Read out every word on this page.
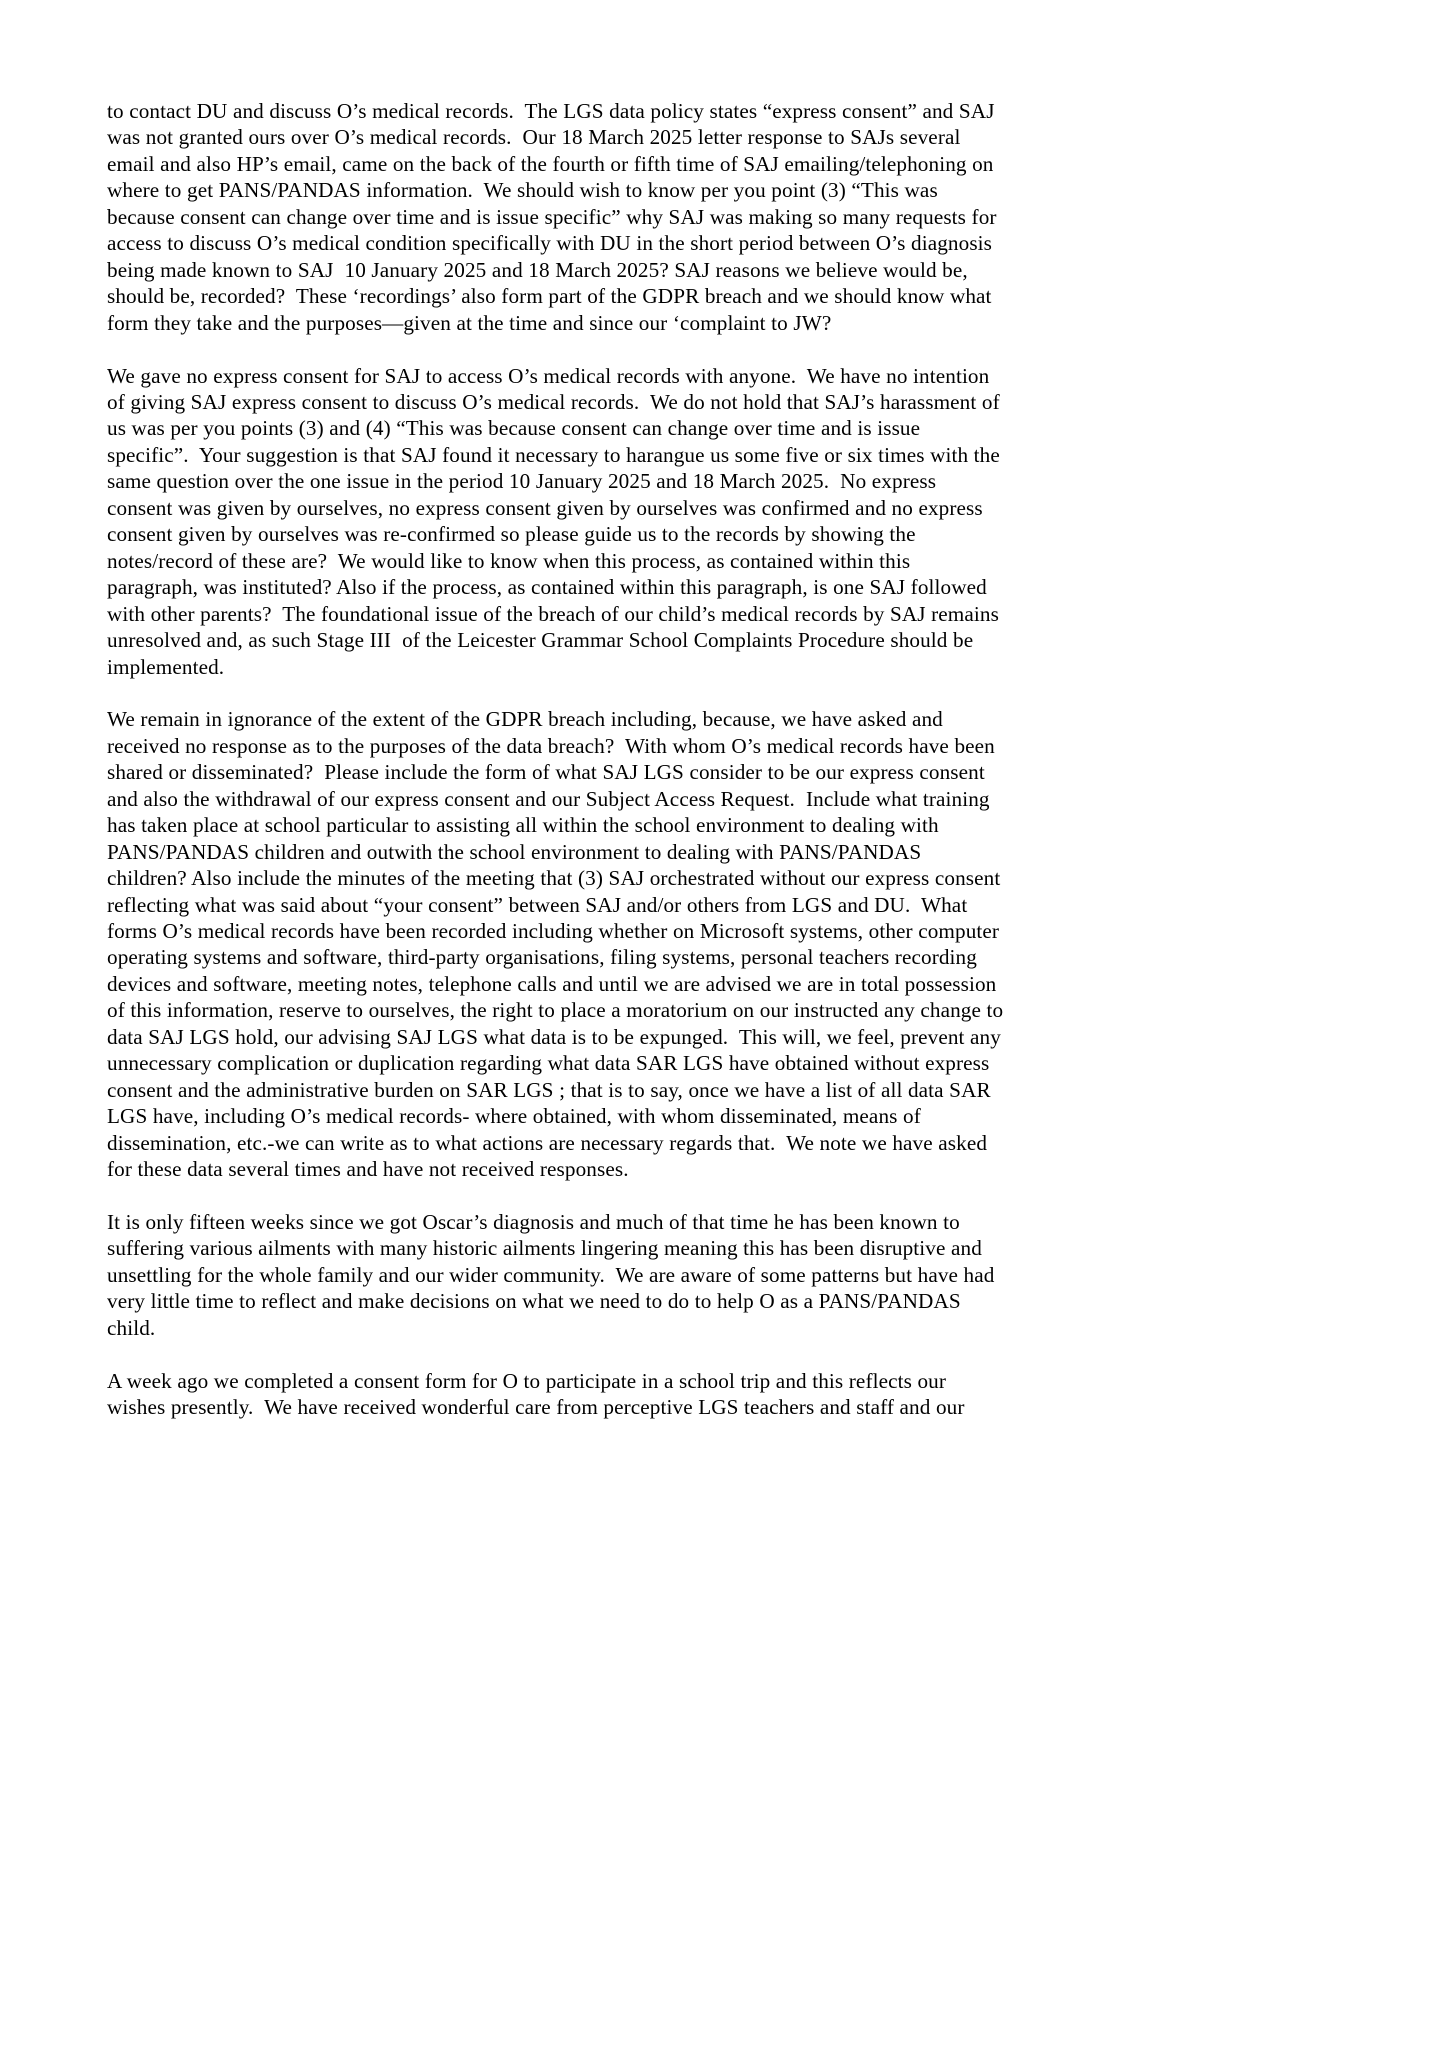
to contact DU and discuss O’s medical records.  The LGS data policy states “express consent” and SAJ was not granted ours over O’s medical records.  Our 18 March 2025 letter response to SAJs several email and also HP’s email, came on the back of the fourth or fifth time of SAJ emailing/telephoning on where to get PANS/PANDAS information.  We should wish to know per you point (3) “This was because consent can change over time and is issue specific” why SAJ was making so many requests for access to discuss O’s medical condition specifically with DU in the short period between O’s diagnosis being made known to SAJ  10 January 2025 and 18 March 2025? SAJ reasons we believe would be, should be, recorded?  These ‘recordings’ also form part of the GDPR breach and we should know what form they take and the purposes—given at the time and since our ‘complaint to JW?

We gave no express consent for SAJ to access O’s medical records with anyone.  We have no intention of giving SAJ express consent to discuss O’s medical records.  We do not hold that SAJ’s harassment of us was per you points (3) and (4) “This was because consent can change over time and is issue specific”.  Your suggestion is that SAJ found it necessary to harangue us some five or six times with the same question over the one issue in the period 10 January 2025 and 18 March 2025.  No express consent was given by ourselves, no express consent given by ourselves was confirmed and no express consent given by ourselves was re-confirmed so please guide us to the records by showing the notes/record of these are?  We would like to know when this process, as contained within this paragraph, was instituted? Also if the process, as contained within this paragraph, is one SAJ followed with other parents?  The foundational issue of the breach of our child’s medical records by SAJ remains unresolved and, as such Stage III  of the Leicester Grammar School Complaints Procedure should be implemented.

We remain in ignorance of the extent of the GDPR breach including, because, we have asked and received no response as to the purposes of the data breach?  With whom O’s medical records have been shared or disseminated?  Please include the form of what SAJ LGS consider to be our express consent and also the withdrawal of our express consent and our Subject Access Request.  Include what training has taken place at school particular to assisting all within the school environment to dealing with PANS/PANDAS children and outwith the school environment to dealing with PANS/PANDAS children? Also include the minutes of the meeting that (3) SAJ orchestrated without our express consent reflecting what was said about “your consent” between SAJ and/or others from LGS and DU.  What forms O’s medical records have been recorded including whether on Microsoft systems, other computer operating systems and software, third-party organisations, filing systems, personal teachers recording devices and software, meeting notes, telephone calls and until we are advised we are in total possession of this information, reserve to ourselves, the right to place a moratorium on our instructed any change to data SAJ LGS hold, our advising SAJ LGS what data is to be expunged.  This will, we feel, prevent any unnecessary complication or duplication regarding what data SAR LGS have obtained without express consent and the administrative burden on SAR LGS ; that is to say, once we have a list of all data SAR LGS have, including O’s medical records- where obtained, with whom disseminated, means of dissemination, etc.-we can write as to what actions are necessary regards that.  We note we have asked for these data several times and have not received responses.

It is only fifteen weeks since we got Oscar’s diagnosis and much of that time he has been known to suffering various ailments with many historic ailments lingering meaning this has been disruptive and unsettling for the whole family and our wider community.  We are aware of some patterns but have had very little time to reflect and make decisions on what we need to do to help O as a PANS/PANDAS child.

A week ago we completed a consent form for O to participate in a school trip and this reflects our wishes presently.  We have received wonderful care from perceptive LGS teachers and staff and our
